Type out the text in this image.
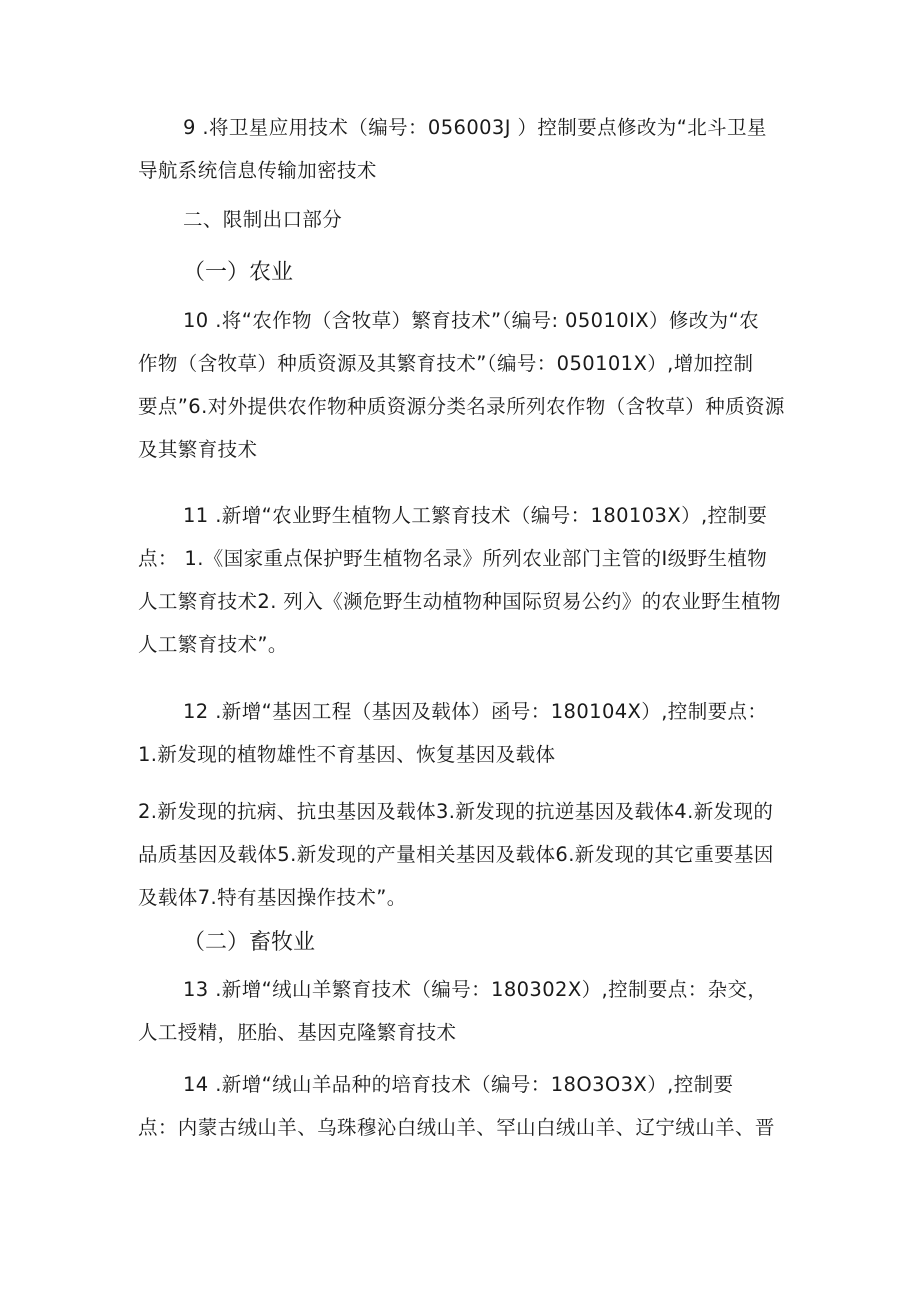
9 .将卫星应用技术（编号：056003J ）控制要点修改为“北斗卫星
导航系统信息传输加密技术
二、限制出口部分
（一）农业
10 .将“农作物（含牧草）繁育技术”（编号: 05010IX）修改为“农
作物（含牧草）种质资源及其繁育技术”（编号：050101X）,增加控制
要点”6.对外提供农作物种质资源分类名录所列农作物（含牧草）种质资源
及其繁育技术
11 .新增“农业野生植物人工繁育技术（编号：180103X）,控制要
点： 1.《国家重点保护野生植物名录》所列农业部门主管的I级野生植物
人工繁育技术2. 列入《濒危野生动植物种国际贸易公约》的农业野生植物
人工繁育技术”。
12 .新增“基因工程（基因及载体）函号：180104X）,控制要点：
1.新发现的植物雄性不育基因、恢复基因及载体
2.新发现的抗病、抗虫基因及载体3.新发现的抗逆基因及载体4.新发现的
品质基因及载体5.新发现的产量相关基因及载体6.新发现的其它重要基因
及载体7.特有基因操作技术”。
（二）畜牧业
13 .新增“绒山羊繁育技术（编号：180302X）,控制要点：杂交，
人工授精，胚胎、基因克隆繁育技术
14 .新增“绒山羊品种的培育技术（编号：18O3O3X）,控制要
点：内蒙古绒山羊、乌珠穆沁白绒山羊、罕山白绒山羊、辽宁绒山羊、晋
